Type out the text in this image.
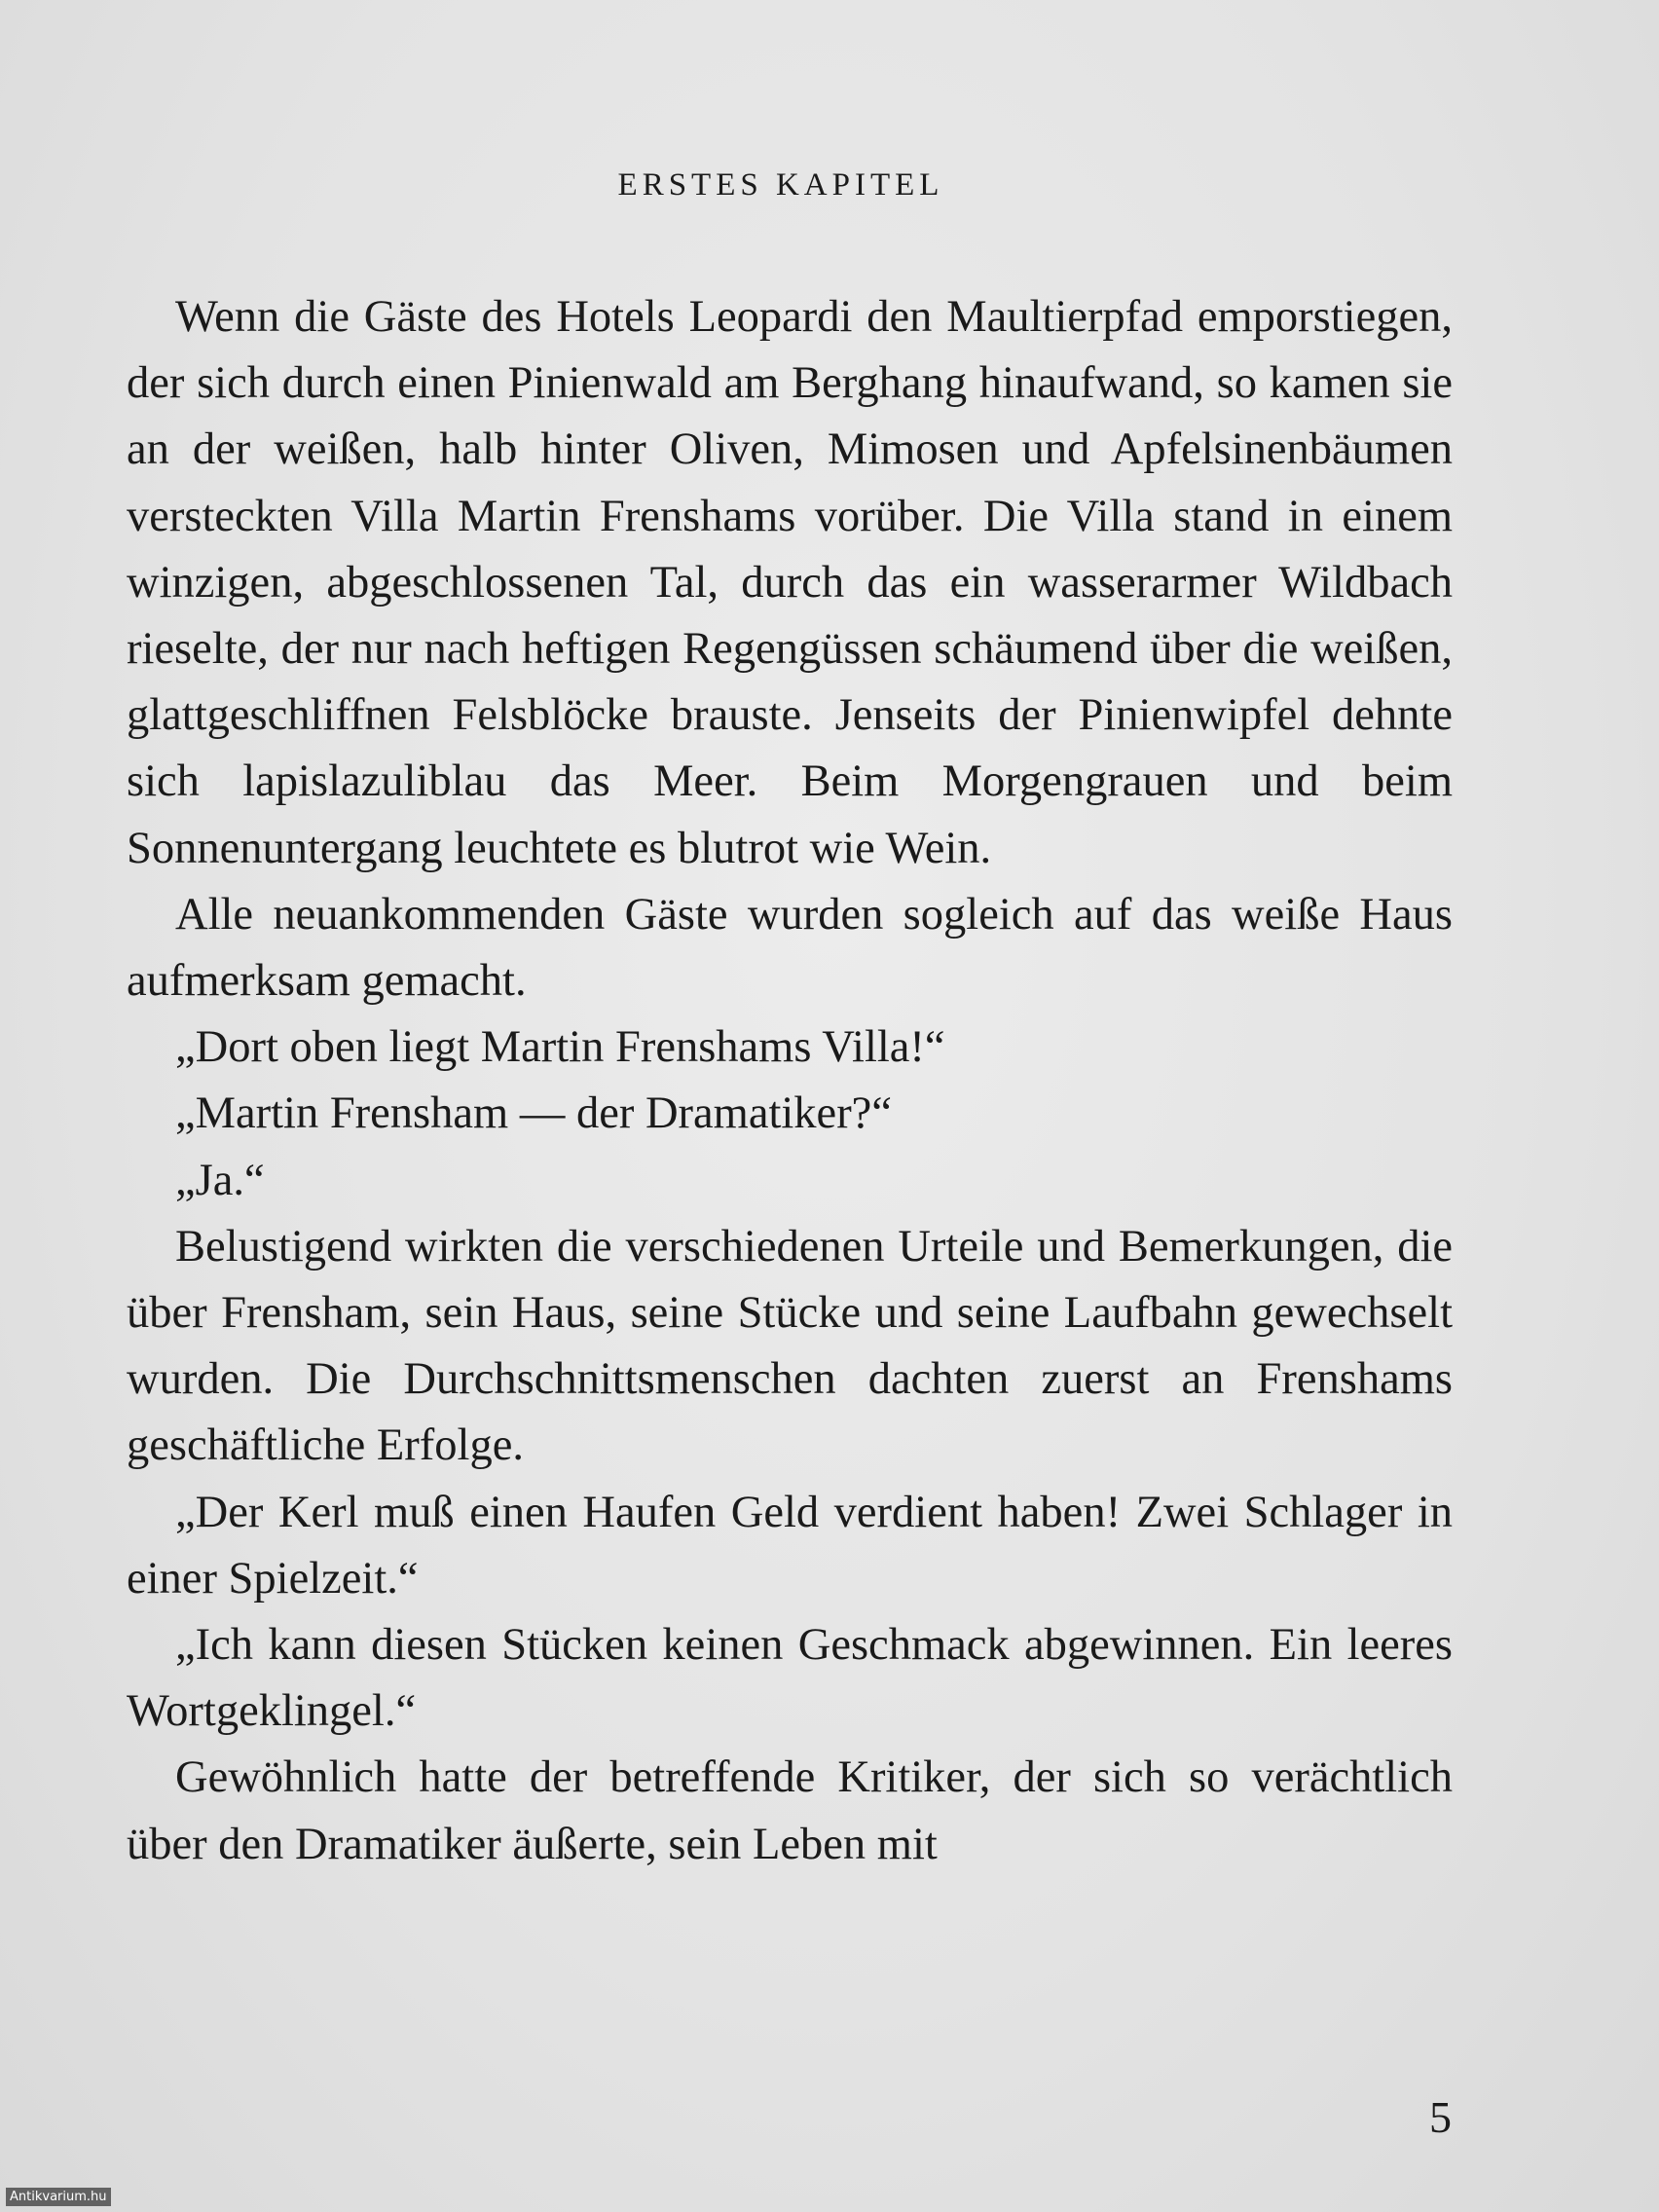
ERSTES KAPITEL

Wenn die Gäste des Hotels Leopardi den Maultierpfad emporstiegen, der sich durch einen Pinienwald am Berghang hinaufwand, so kamen sie an der weißen, halb hinter Oliven, Mimosen und Apfelsinenbäumen versteckten Villa Martin Frenshams vorüber. Die Villa stand in einem winzigen, abgeschlossenen Tal, durch das ein wasserarmer Wildbach rieselte, der nur nach heftigen Regengüssen schäumend über die weißen, glattgeschliffnen Felsblöcke brauste. Jenseits der Pinienwipfel dehnte sich lapislazuliblau das Meer. Beim Morgengrauen und beim Sonnenuntergang leuchtete es blutrot wie Wein.

Alle neuankommenden Gäste wurden sogleich auf das weiße Haus aufmerksam gemacht.

„Dort oben liegt Martin Frenshams Villa!“

„Martin Frensham — der Dramatiker?“

„Ja.“

Belustigend wirkten die verschiedenen Urteile und Bemerkungen, die über Frensham, sein Haus, seine Stücke und seine Laufbahn gewechselt wurden. Die Durchschnittsmenschen dachten zuerst an Frenshams geschäftliche Erfolge.

„Der Kerl muß einen Haufen Geld verdient haben! Zwei Schlager in einer Spielzeit.“

„Ich kann diesen Stücken keinen Geschmack abgewinnen. Ein leeres Wortgeklingel.“

Gewöhnlich hatte der betreffende Kritiker, der sich so verächtlich über den Dramatiker äußerte, sein Leben mit

5
Antikvarium.hu
